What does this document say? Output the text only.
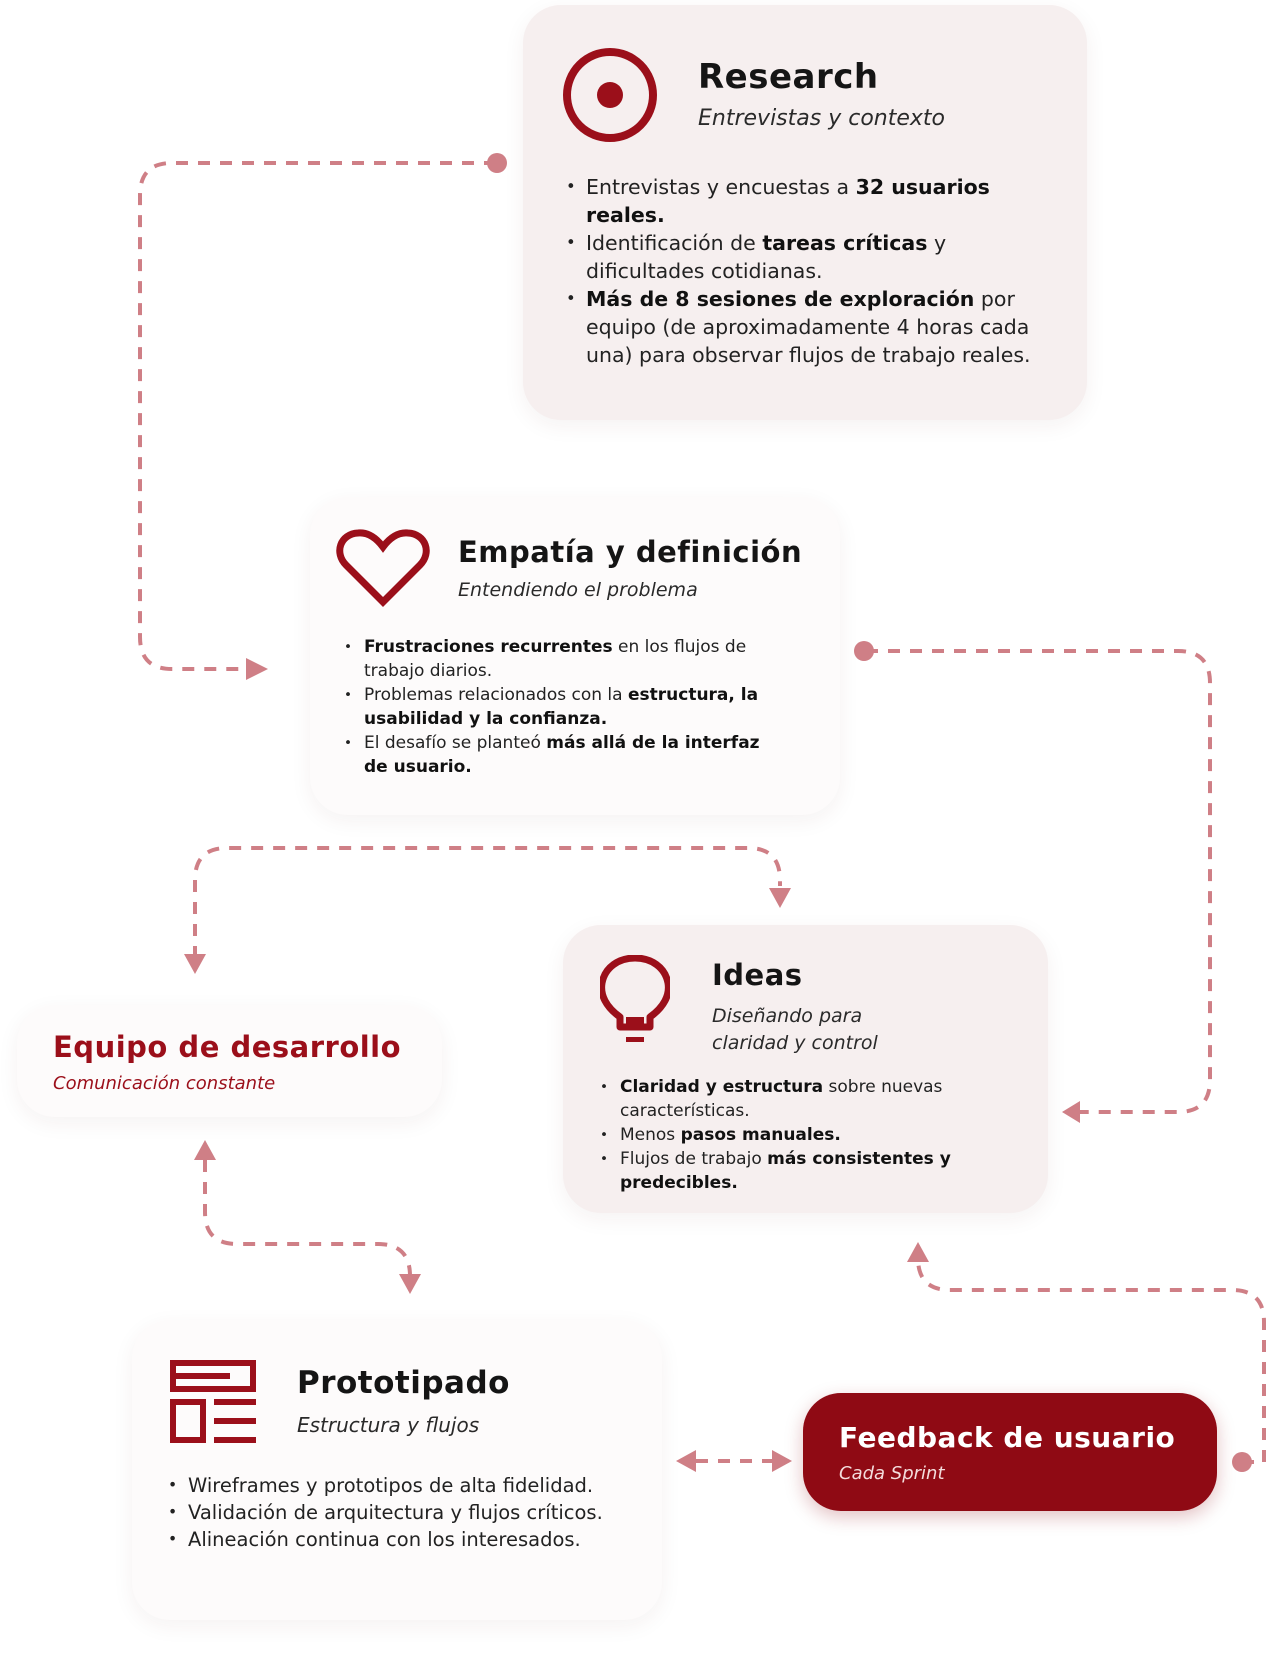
Research

Entrevistas y contexto

• Entrevistas y encuestas a 32 usuarios reales.
• Identificación de tareas críticas y dificultades cotidianas.
• Más de 8 sesiones de exploración por equipo (de aproximadamente 4 horas cada una) para observar flujos de trabajo reales.
Empatía y definición

Entendiendo el problema

• Frustraciones recurrentes en los flujos de trabajo diarios.
• Problemas relacionados con la estructura, la usabilidad y la confianza.
• El desafío se planteó más allá de la interfaz de usuario.
Ideas

Diseñando para claridad y control

• Claridad y estructura sobre nuevas características.
• Menos pasos manuales.
• Flujos de trabajo más consistentes y predecibles.
Equipo de desarrollo

Comunicación constante

Prototipado

Estructura y flujos

• Wireframes y prototipos de alta fidelidad.
• Validación de arquitectura y flujos críticos.
• Alineación continua con los interesados.
Feedback de usuario

Cada Sprint
